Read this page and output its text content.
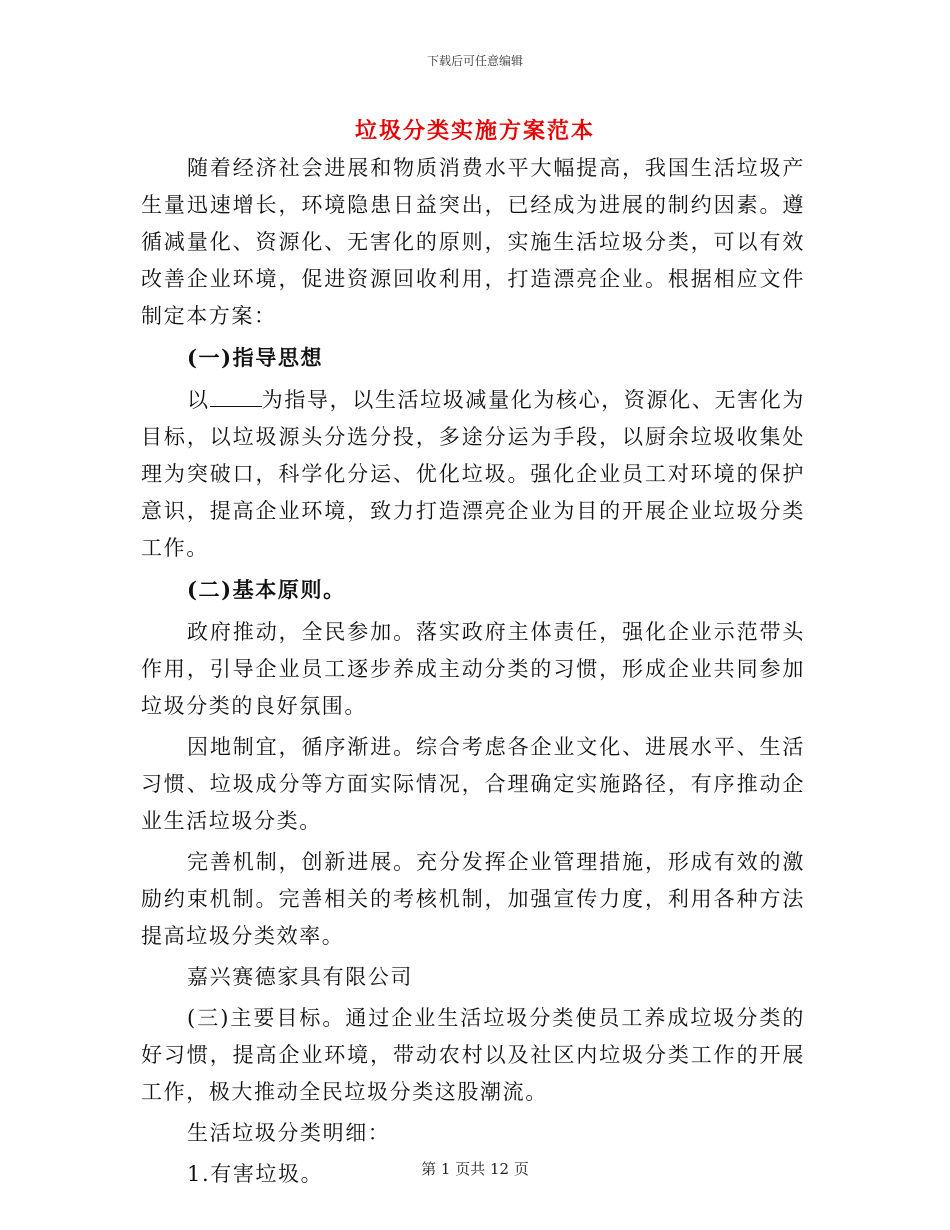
下载后可任意编辑
垃圾分类实施方案范本

随着经济社会进展和物质消费水平大幅提高，我国生活垃圾产生量迅速增长，环境隐患日益突出，已经成为进展的制约因素。遵循减量化、资源化、无害化的原则，实施生活垃圾分类，可以有效改善企业环境，促进资源回收利用，打造漂亮企业。根据相应文件制定本方案：

(一)指导思想

以 为指导，以生活垃圾减量化为核心，资源化、无害化为目标，以垃圾源头分选分投，多途分运为手段，以厨余垃圾收集处理为突破口，科学化分运、优化垃圾。强化企业员工对环境的保护意识，提高企业环境，致力打造漂亮企业为目的开展企业垃圾分类工作。

(二)基本原则。

政府推动，全民参加。落实政府主体责任，强化企业示范带头作用，引导企业员工逐步养成主动分类的习惯，形成企业共同参加垃圾分类的良好氛围。

因地制宜，循序渐进。综合考虑各企业文化、进展水平、生活习惯、垃圾成分等方面实际情况，合理确定实施路径，有序推动企业生活垃圾分类。

完善机制，创新进展。充分发挥企业管理措施，形成有效的激励约束机制。完善相关的考核机制，加强宣传力度，利用各种方法提高垃圾分类效率。

嘉兴赛德家具有限公司

(三)主要目标。通过企业生活垃圾分类使员工养成垃圾分类的好习惯，提高企业环境，带动农村以及社区内垃圾分类工作的开展工作，极大推动全民垃圾分类这股潮流。

生活垃圾分类明细：

1.有害垃圾。	第 1 页共 12 页
